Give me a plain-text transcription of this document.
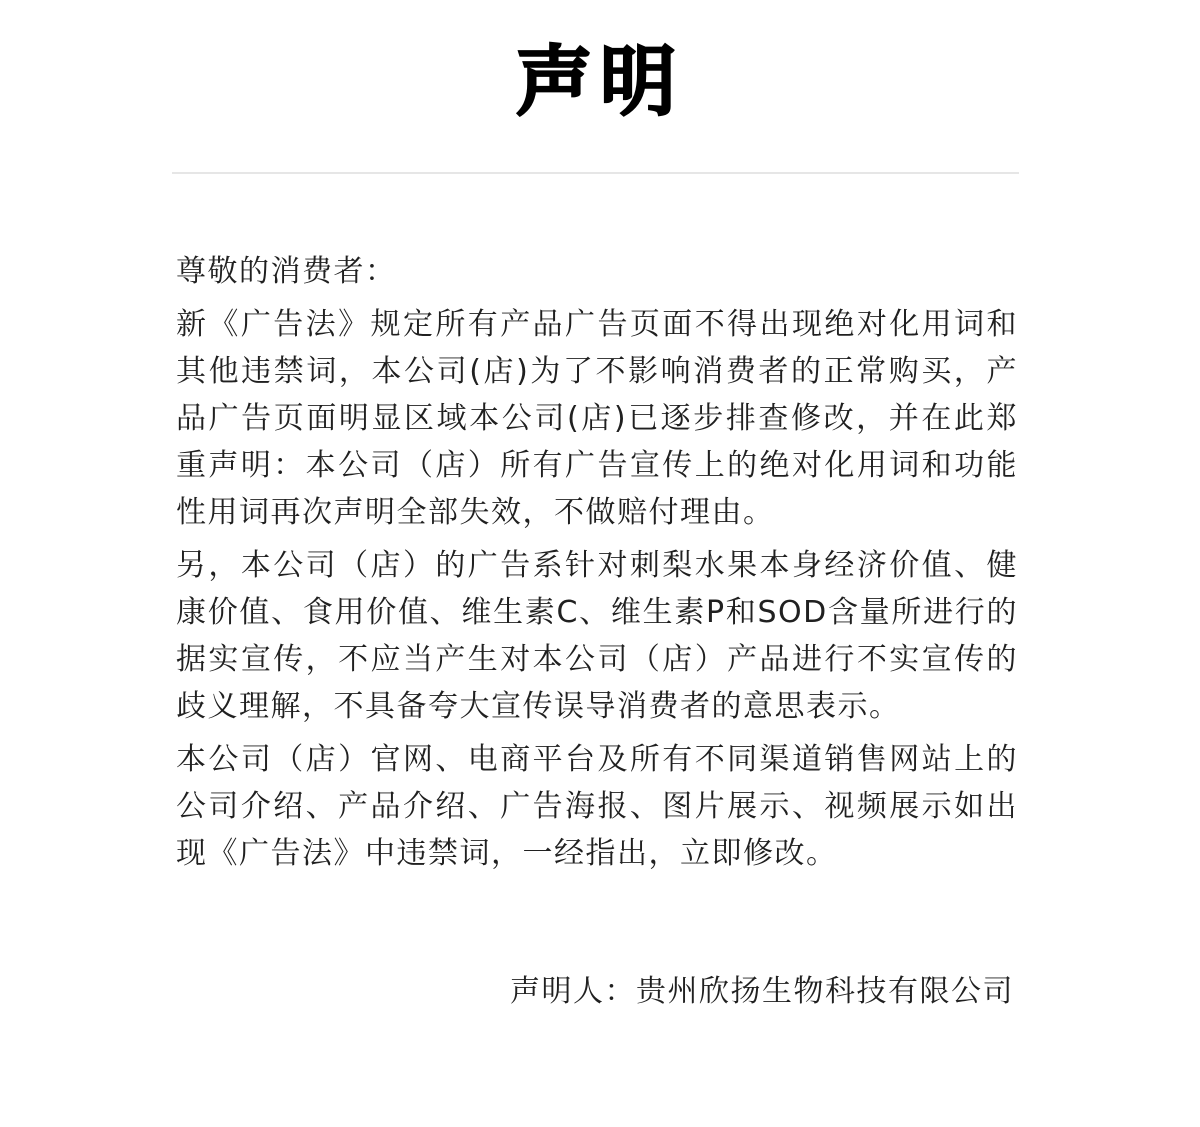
声明

尊敬的消费者：

新《广告法》规定所有产品广告页面不得出现绝对化用词和其他违禁词，本公司(店)为了不影响消费者的正常购买，产品广告页面明显区域本公司(店)已逐步排查修改，并在此郑重声明：本公司（店）所有广告宣传上的绝对化用词和功能性用词再次声明全部失效，不做赔付理由。

另，本公司（店）的广告系针对刺梨水果本身经济价值、健康价值、食用价值、维生素C、维生素P和SOD含量所进行的据实宣传，不应当产生对本公司（店）产品进行不实宣传的歧义理解，不具备夸大宣传误导消费者的意思表示。

本公司（店）官网、电商平台及所有不同渠道销售网站上的公司介绍、产品介绍、广告海报、图片展示、视频展示如出现《广告法》中违禁词，一经指出，立即修改。

声明人：贵州欣扬生物科技有限公司
